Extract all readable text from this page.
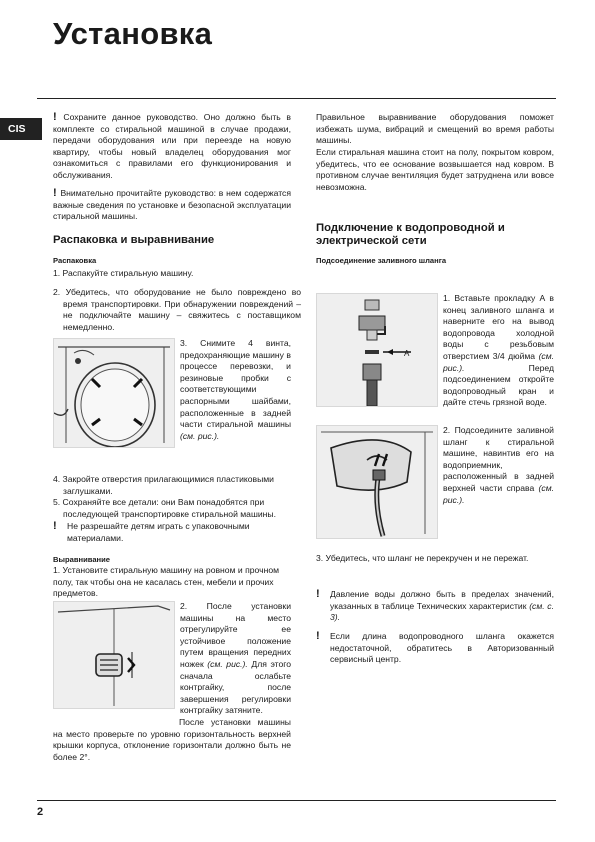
Установка
CIS
! Сохраните данное руководство. Оно должно быть в комплекте со стиральной машиной в случае продажи, передачи оборудования или при переезде на новую квартиру, чтобы новый владелец оборудования мог ознакомиться с правилами его функционирования и обслуживания.
! Внимательно прочитайте руководство: в нем содержатся важные сведения по установке и безопасной эксплуатации стиральной машины.
Распаковка и выравнивание
Распаковка
1. Распакуйте стиральную машину.
2. Убедитесь, что оборудование не было повреждено во время транспортировки. При обнаружении повреждений – не подключайте машину – свяжитесь с поставщиком немедленно.
3. Снимите 4 винта, предохраняющие машину в процессе перевозки, и резиновые пробки с соответствующими распорными шайбами, расположенные в задней части стиральной машины (см. рис.).
4. Закройте отверстия прилагающимися пластиковыми заглушками.
5. Сохраняйте все детали: они Вам понадобятся при последующей транспортировке стиральной машины.
!	Не разрешайте детям играть с упаковочными материалами.
Выравнивание
1. Установите стиральную машину на ровном и прочном полу, так чтобы она не касалась стен, мебели и прочих предметов.
2. После установки машины на место отрегулируйте ее устойчивое положение путем вращения передних ножек (см. рис.). Для этого сначала ослабьте контргайку, после завершения регулировки контргайку затяните.
После установки машины на место проверьте по уровню горизонтальность верхней крышки корпуса, отклонение горизонтали должно быть не более 2°.
Правильное выравнивание оборудования поможет избежать шума, вибраций и смещений во время работы машины.
Если стиральная машина стоит на полу, покрытом ковром, убедитесь, что ее основание возвышается над ковром. В противном случае вентиляция будет затруднена или вовсе невозможна.
Подключение к водопроводной и электрической сети
Подсоединение заливного шланга
A
1. Вставьте прокладку А в конец заливного шланга и наверните его на вывод водопровода холодной воды с резьбовым отверстием 3/4 дюйма (см. рис.).	Перед подсоединением откройте водопроводный кран и дайте стечь грязной воде.
2. Подсоедините заливной шланг к стиральной машине, навинтив его на водоприемник, расположенный в задней верхней части справа (см. рис.).
3. Убедитесь, что шланг не перекручен и не пережат.
!	Давление воды должно быть в пределах значений, указанных в таблице Технических характеристик (см. с. 3).
!	Если длина водопроводного шланга окажется недостаточной, обратитесь в Авторизованный сервисный центр.
2
